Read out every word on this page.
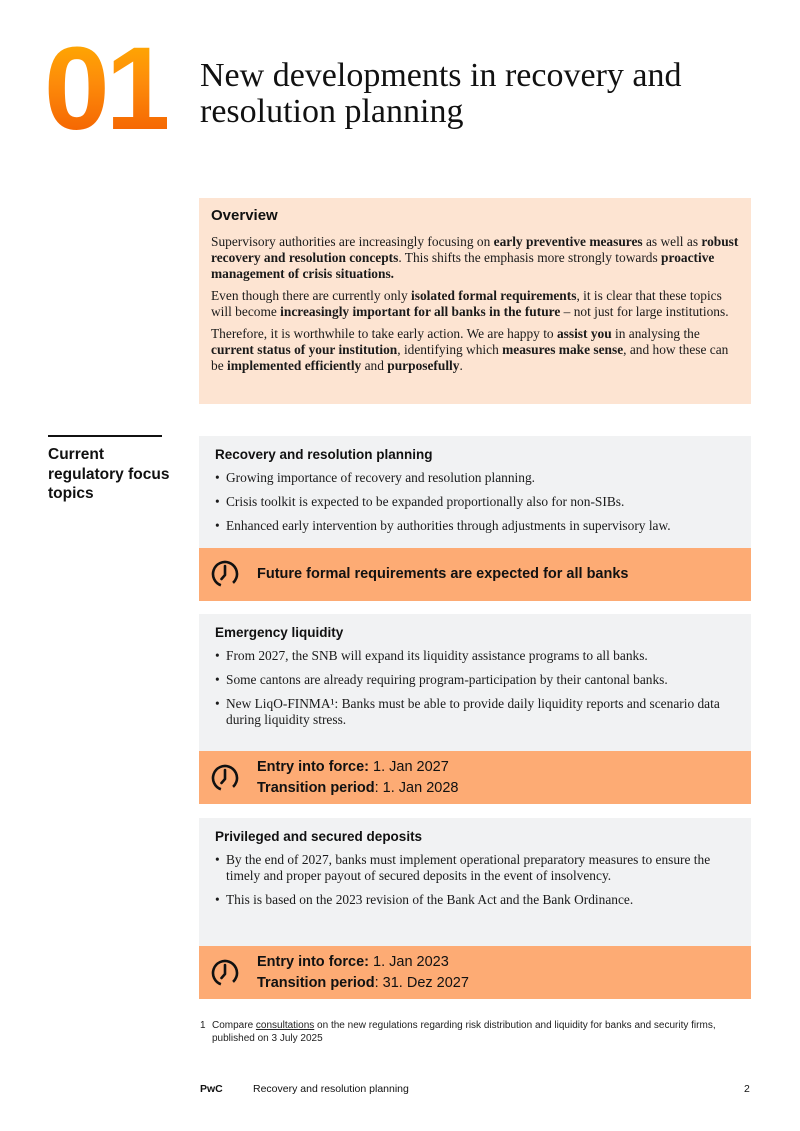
01 New developments in recovery and resolution planning
Overview

Supervisory authorities are increasingly focusing on early preventive measures as well as robust recovery and resolution concepts. This shifts the emphasis more strongly towards proactive management of crisis situations.

Even though there are currently only isolated formal requirements, it is clear that these topics will become increasingly important for all banks in the future – not just for large institutions.

Therefore, it is worthwhile to take early action. We are happy to assist you in analysing the current status of your institution, identifying which measures make sense, and how these can be implemented efficiently and purposefully.

Current regulatory focus topics
Recovery and resolution planning
• Growing importance of recovery and resolution planning.
• Crisis toolkit is expected to be expanded proportionally also for non-SIBs.
• Enhanced early intervention by authorities through adjustments in supervisory law.
Future formal requirements are expected for all banks
Emergency liquidity
• From 2027, the SNB will expand its liquidity assistance programs to all banks.
• Some cantons are already requiring program-participation by their cantonal banks.
• New LiqO-FINMA¹: Banks must be able to provide daily liquidity reports and scenario data during liquidity stress.
Entry into force: 1. Jan 2027
Transition period: 1. Jan 2028
Privileged and secured deposits
• By the end of 2027, banks must implement operational preparatory measures to ensure the timely and proper payout of secured deposits in the event of insolvency.
• This is based on the 2023 revision of the Bank Act and the Bank Ordinance.
Entry into force: 1. Jan 2023
Transition period: 31. Dez 2027
1 Compare consultations on the new regulations regarding risk distribution and liquidity for banks and security firms, published on 3 July 2025
PwC	Recovery and resolution planning	2
